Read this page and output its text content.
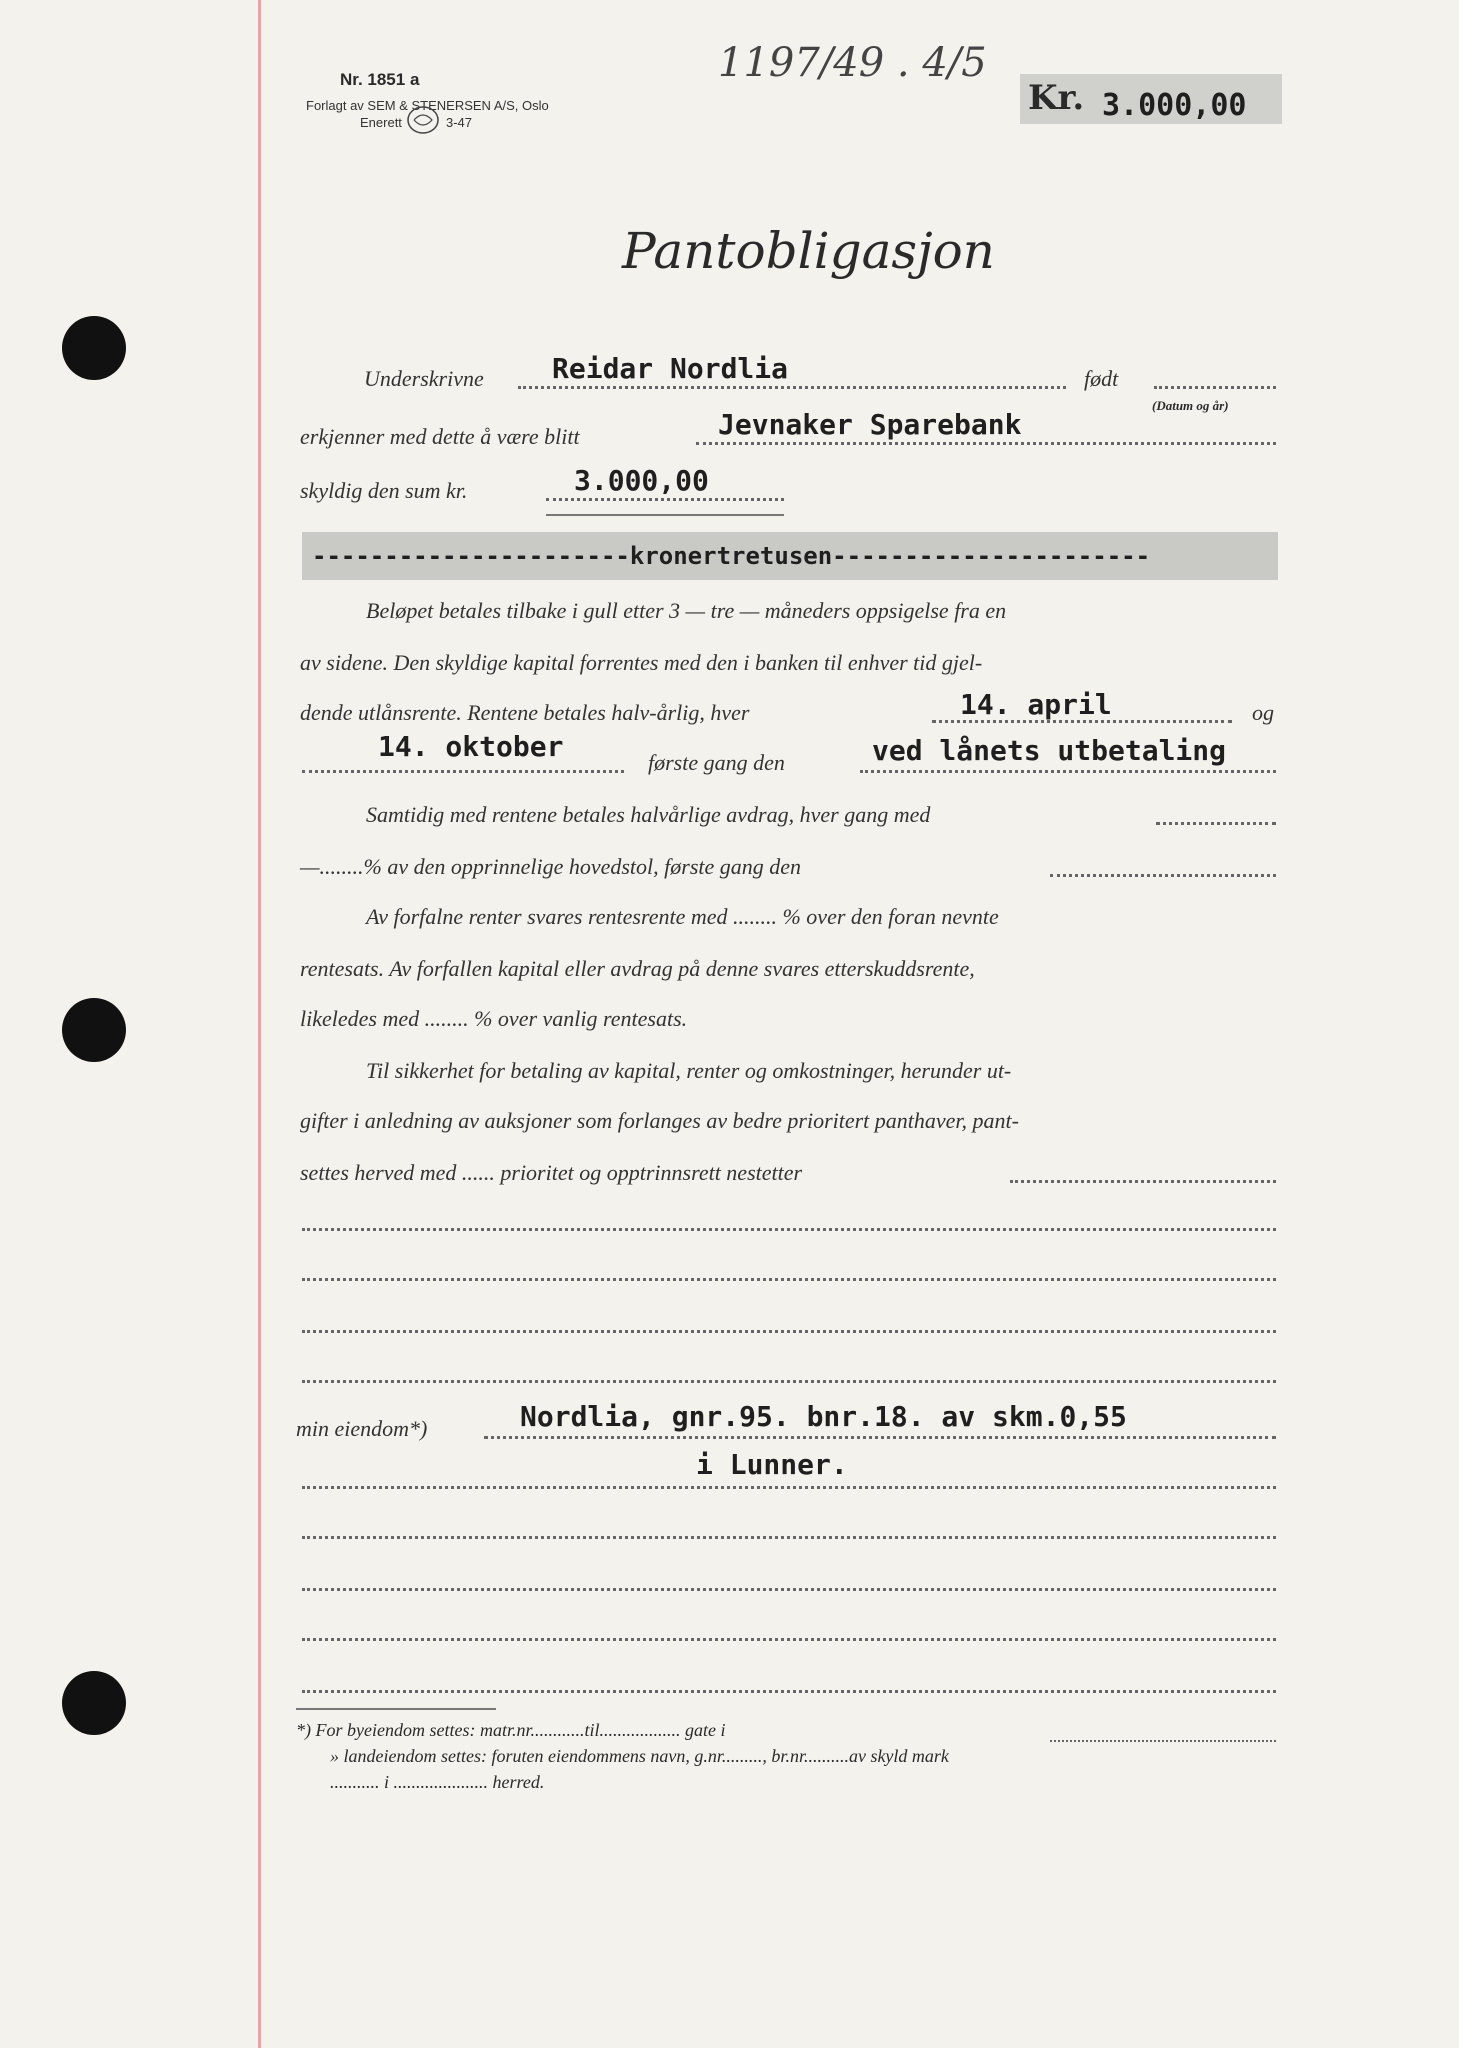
Nr. 1851 a
Forlagt av SEM & STENERSEN A/S, Oslo
Enerett	3-47
1197/49 . 4/5
Kr. 3.000,00
Pantobligasjon
Underskrivne Reidar Nordlia	født
(Datum og år)
erkjenner med dette å være blitt	Jevnaker Sparebank
skyldig den sum kr.	3.000,00
----------------------kronertretusen----------------------
Beløpet betales tilbake i gull etter 3 — tre — måneders oppsigelse fra en
av sidene. Den skyldige kapital forrentes med den i banken til enhver tid gjel-
dende utlånsrente. Rentene betales halv-årlig, hver	14. april	og
14. oktober	første gang den	ved lånets utbetaling
Samtidig med rentene betales halvårlige avdrag, hver gang med
—........% av den opprinnelige hovedstol, første gang den
Av forfalne renter svares rentesrente med ........ % over den foran nevnte
rentesats. Av forfallen kapital eller avdrag på denne svares etterskuddsrente,
likeledes med ........ % over vanlig rentesats.
Til sikkerhet for betaling av kapital, renter og omkostninger, herunder ut-
gifter i anledning av auksjoner som forlanges av bedre prioritert panthaver, pant-
settes herved med ...... prioritet og opptrinnsrett nestetter
min eiendom*)	Nordlia, gnr.95. bnr.18. av skm.0,55
i Lunner.
*) For byeiendom settes: matr.nr............til.................. gate i
» landeiendom settes: foruten eiendommens navn, g.nr........., br.nr..........av skyld mark
........... i ..................... herred.
